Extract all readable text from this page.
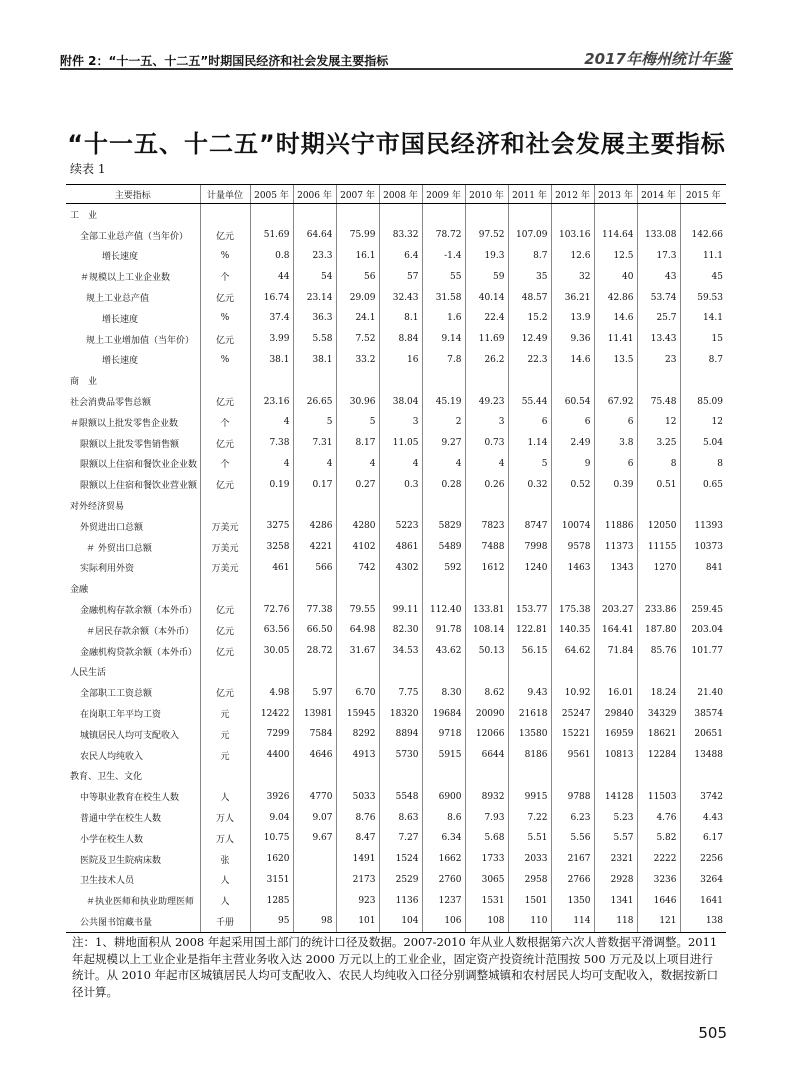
附件 2：“十一五、十二五”时期国民经济和社会发展主要指标	2017年梅州统计年鉴
“十一五、十二五”时期兴宁市国民经济和社会发展主要指标
续表 1
主要指标	计量单位	2005 年	2006 年	2007 年	2008 年	2009 年	2010 年	2011 年	2012 年	2013 年	2014 年	2015 年
工　业												
全部工业总产值（当年价）	亿元	51.69	64.64	75.99	83.32	78.72	97.52	107.09	103.16	114.64	133.08	142.66
增长速度	%	0.8	23.3	16.1	6.4	-1.4	19.3	8.7	12.6	12.5	17.3	11.1
＃规模以上工业企业数	个	44	54	56	57	55	59	35	32	40	43	45
规上工业总产值	亿元	16.74	23.14	29.09	32.43	31.58	40.14	48.57	36.21	42.86	53.74	59.53
增长速度	%	37.4	36.3	24.1	8.1	1.6	22.4	15.2	13.9	14.6	25.7	14.1
规上工业增加值（当年价）	亿元	3.99	5.58	7.52	8.84	9.14	11.69	12.49	9.36	11.41	13.43	15
增长速度	%	38.1	38.1	33.2	16	7.8	26.2	22.3	14.6	13.5	23	8.7
商　业												
社会消费品零售总额	亿元	23.16	26.65	30.96	38.04	45.19	49.23	55.44	60.54	67.92	75.48	85.09
＃限额以上批发零售企业数	个	4	5	5	3	2	3	6	6	6	12	12
限额以上批发零售销售额	亿元	7.38	7.31	8.17	11.05	9.27	0.73	1.14	2.49	3.8	3.25	5.04
限额以上住宿和餐饮业企业数	个	4	4	4	4	4	4	5	9	6	8	8
限额以上住宿和餐饮业营业额	亿元	0.19	0.17	0.27	0.3	0.28	0.26	0.32	0.52	0.39	0.51	0.65
对外经济贸易												
外贸进出口总额	万美元	3275	4286	4280	5223	5829	7823	8747	10074	11886	12050	11393
＃ 外贸出口总额	万美元	3258	4221	4102	4861	5489	7488	7998	9578	11373	11155	10373
实际利用外资	万美元	461	566	742	4302	592	1612	1240	1463	1343	1270	841
金融												
金融机构存款余额（本外币）	亿元	72.76	77.38	79.55	99.11	112.40	133.81	153.77	175.38	203.27	233.86	259.45
＃居民存款余额（本外币）	亿元	63.56	66.50	64.98	82.30	91.78	108.14	122.81	140.35	164.41	187.80	203.04
金融机构贷款余额（本外币）	亿元	30.05	28.72	31.67	34.53	43.62	50.13	56.15	64.62	71.84	85.76	101.77
人民生活												
全部职工工资总额	亿元	4.98	5.97	6.70	7.75	8.30	8.62	9.43	10.92	16.01	18.24	21.40
在岗职工年平均工资	元	12422	13981	15945	18320	19684	20090	21618	25247	29840	34329	38574
城镇居民人均可支配收入	元	7299	7584	8292	8894	9718	12066	13580	15221	16959	18621	20651
农民人均纯收入	元	4400	4646	4913	5730	5915	6644	8186	9561	10813	12284	13488
教育、卫生、文化												
中等职业教育在校生人数	人	3926	4770	5033	5548	6900	8932	9915	9788	14128	11503	3742
普通中学在校生人数	万人	9.04	9.07	8.76	8.63	8.6	7.93	7.22	6.23	5.23	4.76	4.43
小学在校生人数	万人	10.75	9.67	8.47	7.27	6.34	5.68	5.51	5.56	5.57	5.82	6.17
医院及卫生院病床数	张	1620		1491	1524	1662	1733	2033	2167	2321	2222	2256
卫生技术人员	人	3151		2173	2529	2760	3065	2958	2766	2928	3236	3264
＃执业医师和执业助理医师	人	1285		923	1136	1237	1531	1501	1350	1341	1646	1641
公共图书馆藏书量	千册	95	98	101	104	106	108	110	114	118	121	138
注：1、耕地面积从 2008 年起采用国土部门的统计口径及数据。2007-2010 年从业人数根据第六次人普数据平滑调整。2011 年起规模以上工业企业是指年主营业务收入达 2000 万元以上的工业企业，固定资产投资统计范围按 500 万元及以上项目进行统计。从 2010 年起市区城镇居民人均可支配收入、农民人均纯收入口径分别调整城镇和农村居民人均可支配收入，数据按新口径计算。
505
